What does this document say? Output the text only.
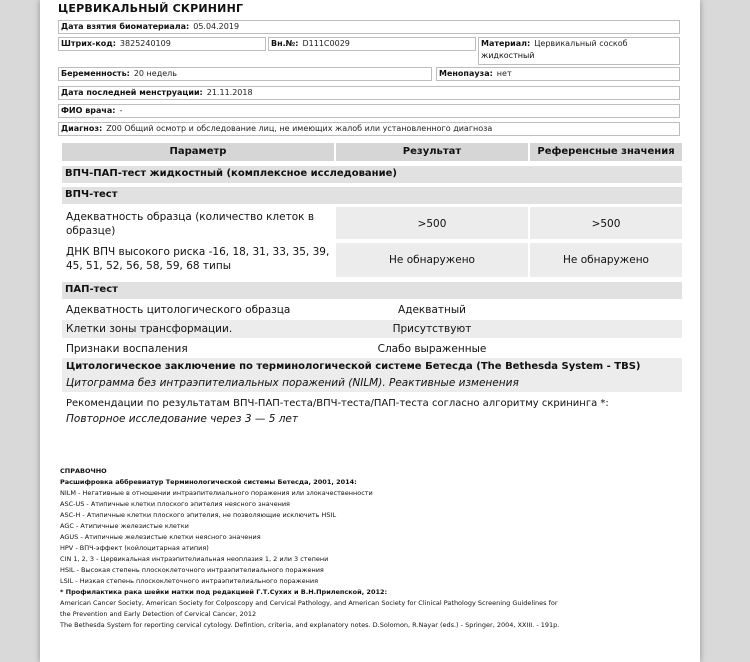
ЦЕРВИКАЛЬНЫЙ СКРИНИНГ
Дата взятия биоматериала: 05.04.2019
Штрих-код: 3825240109	Вн.№: D111C0029	Материал: Цервикальный соскоб
жидкостный
Беременность: 20 недель	Менопауза: нет
Дата последней менструации: 21.11.2018
ФИО врача: -
Диагноз: Z00 Общий осмотр и обследование лиц, не имеющих жалоб или установленного диагноза
Параметр	Результат	Референсные значения
ВПЧ-ПАП-тест жидкостный (комплексное исследование)
ВПЧ-тест
Адекватность образца (количество клеток в
образце)
>500	>500
ДНК ВПЧ высокого риска -16, 18, 31, 33, 35, 39,
45, 51, 52, 56, 58, 59, 68 типы	Не обнаружено	Не обнаружено
ПАП-тест
Адекватность цитологического образца	Адекватный
Клетки зоны трансформации.	Присутствуют
Признаки воспаления	Слабо выраженные
Цитологическое заключение по терминологической системе Бетесда (The Bethesda System - TBS)
Цитограмма без интраэпителиальных поражений (NILM). Реактивные изменения
Рекомендации по результатам ВПЧ-ПАП-теста/ВПЧ-теста/ПАП-теста согласно алгоритму скрининга *:
Повторное исследование через 3 — 5 лет
СПРАВОЧНО
Расшифровка аббревиатур Терминологической системы Бетесда, 2001, 2014:
NILM - Негативные в отношении интраэпителиального поражения или злокачественности
ASC-US - Атипичные клетки плоского эпителия неясного значения
ASC-H - Атипичные клетки плоского эпителия, не позволяющие исключить HSIL
AGC - Атипичные железистые клетки
AGUS - Атипичные железистые клетки неясного значения
HPV - ВПЧ-эффект (койлоцитарная атипия)
CIN 1, 2, 3 - Цервикальная интраэпителиальная неоплазия 1, 2 или 3 степени
HSIL - Высокая степень плоскоклеточного интраэпителиального поражения
LSIL - Низкая степень плоскоклеточного интраэпителиального поражения
* Профилактика рака шейки матки под редакцией Г.Т.Сухих и В.Н.Прилепской, 2012:
American Cancer Society, American Society for Colposcopy and Cervical Pathology, and American Society for Clinical Pathology Screening Guidelines for
the Prevention and Early Detection of Cervical Cancer, 2012
The Bethesda System for reporting cervical cytology. Defintion, criteria, and explanatory notes. D.Solomon, R.Nayar (eds.) - Springer, 2004, XXIII. - 191p.
